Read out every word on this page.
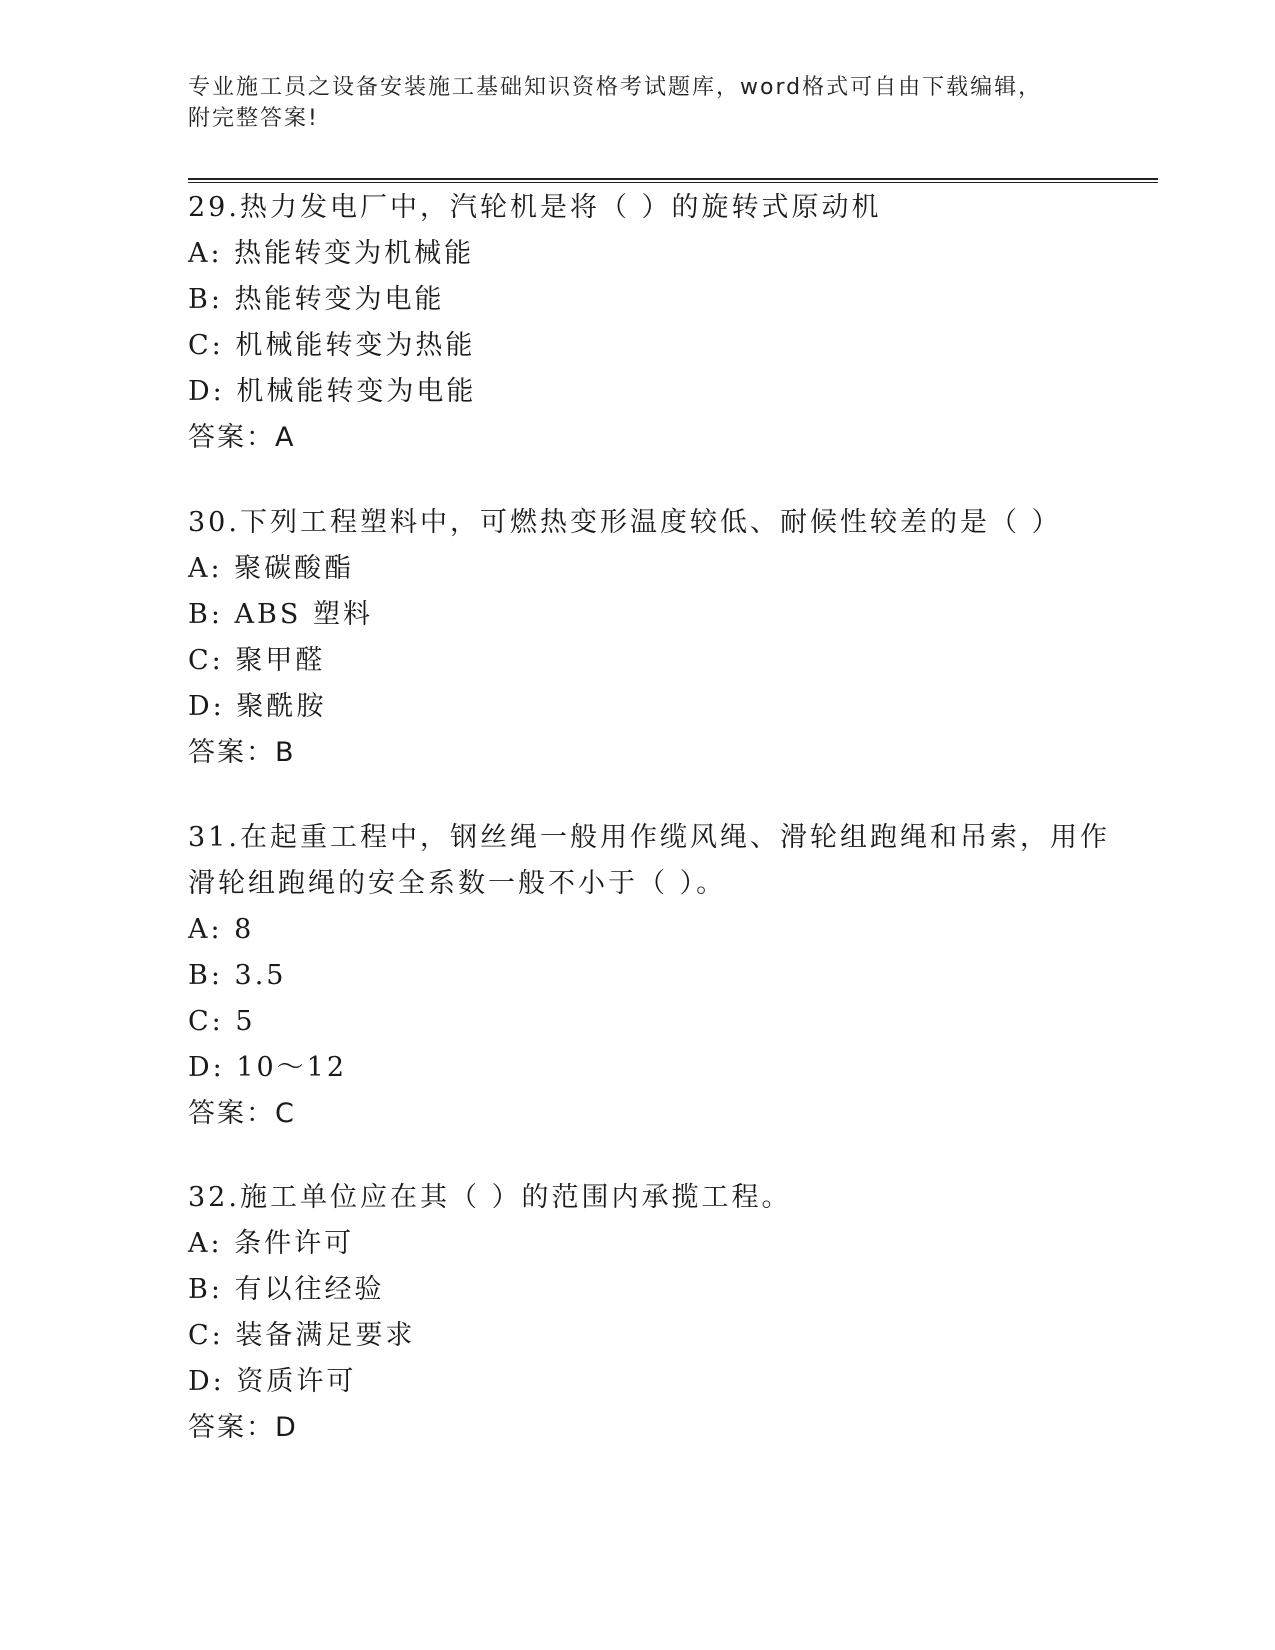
专业施工员之设备安装施工基础知识资格考试题库，word格式可自由下载编辑，
附完整答案!
29.热力发电厂中，汽轮机是将（ ）的旋转式原动机
A: 热能转变为机械能
B: 热能转变为电能
C: 机械能转变为热能
D: 机械能转变为电能
答案：A
30.下列工程塑料中，可燃热变形温度较低、耐候性较差的是（ ）
A: 聚碳酸酯
B: ABS 塑料
C: 聚甲醛
D: 聚酰胺
答案：B
31.在起重工程中，钢丝绳一般用作缆风绳、滑轮组跑绳和吊索，用作
滑轮组跑绳的安全系数一般不小于（ ）。
A: 8
B: 3.5
C: 5
D: 10～12
答案：C
32.施工单位应在其（ ）的范围内承揽工程。
A: 条件许可
B: 有以往经验
C: 装备满足要求
D: 资质许可
答案：D
